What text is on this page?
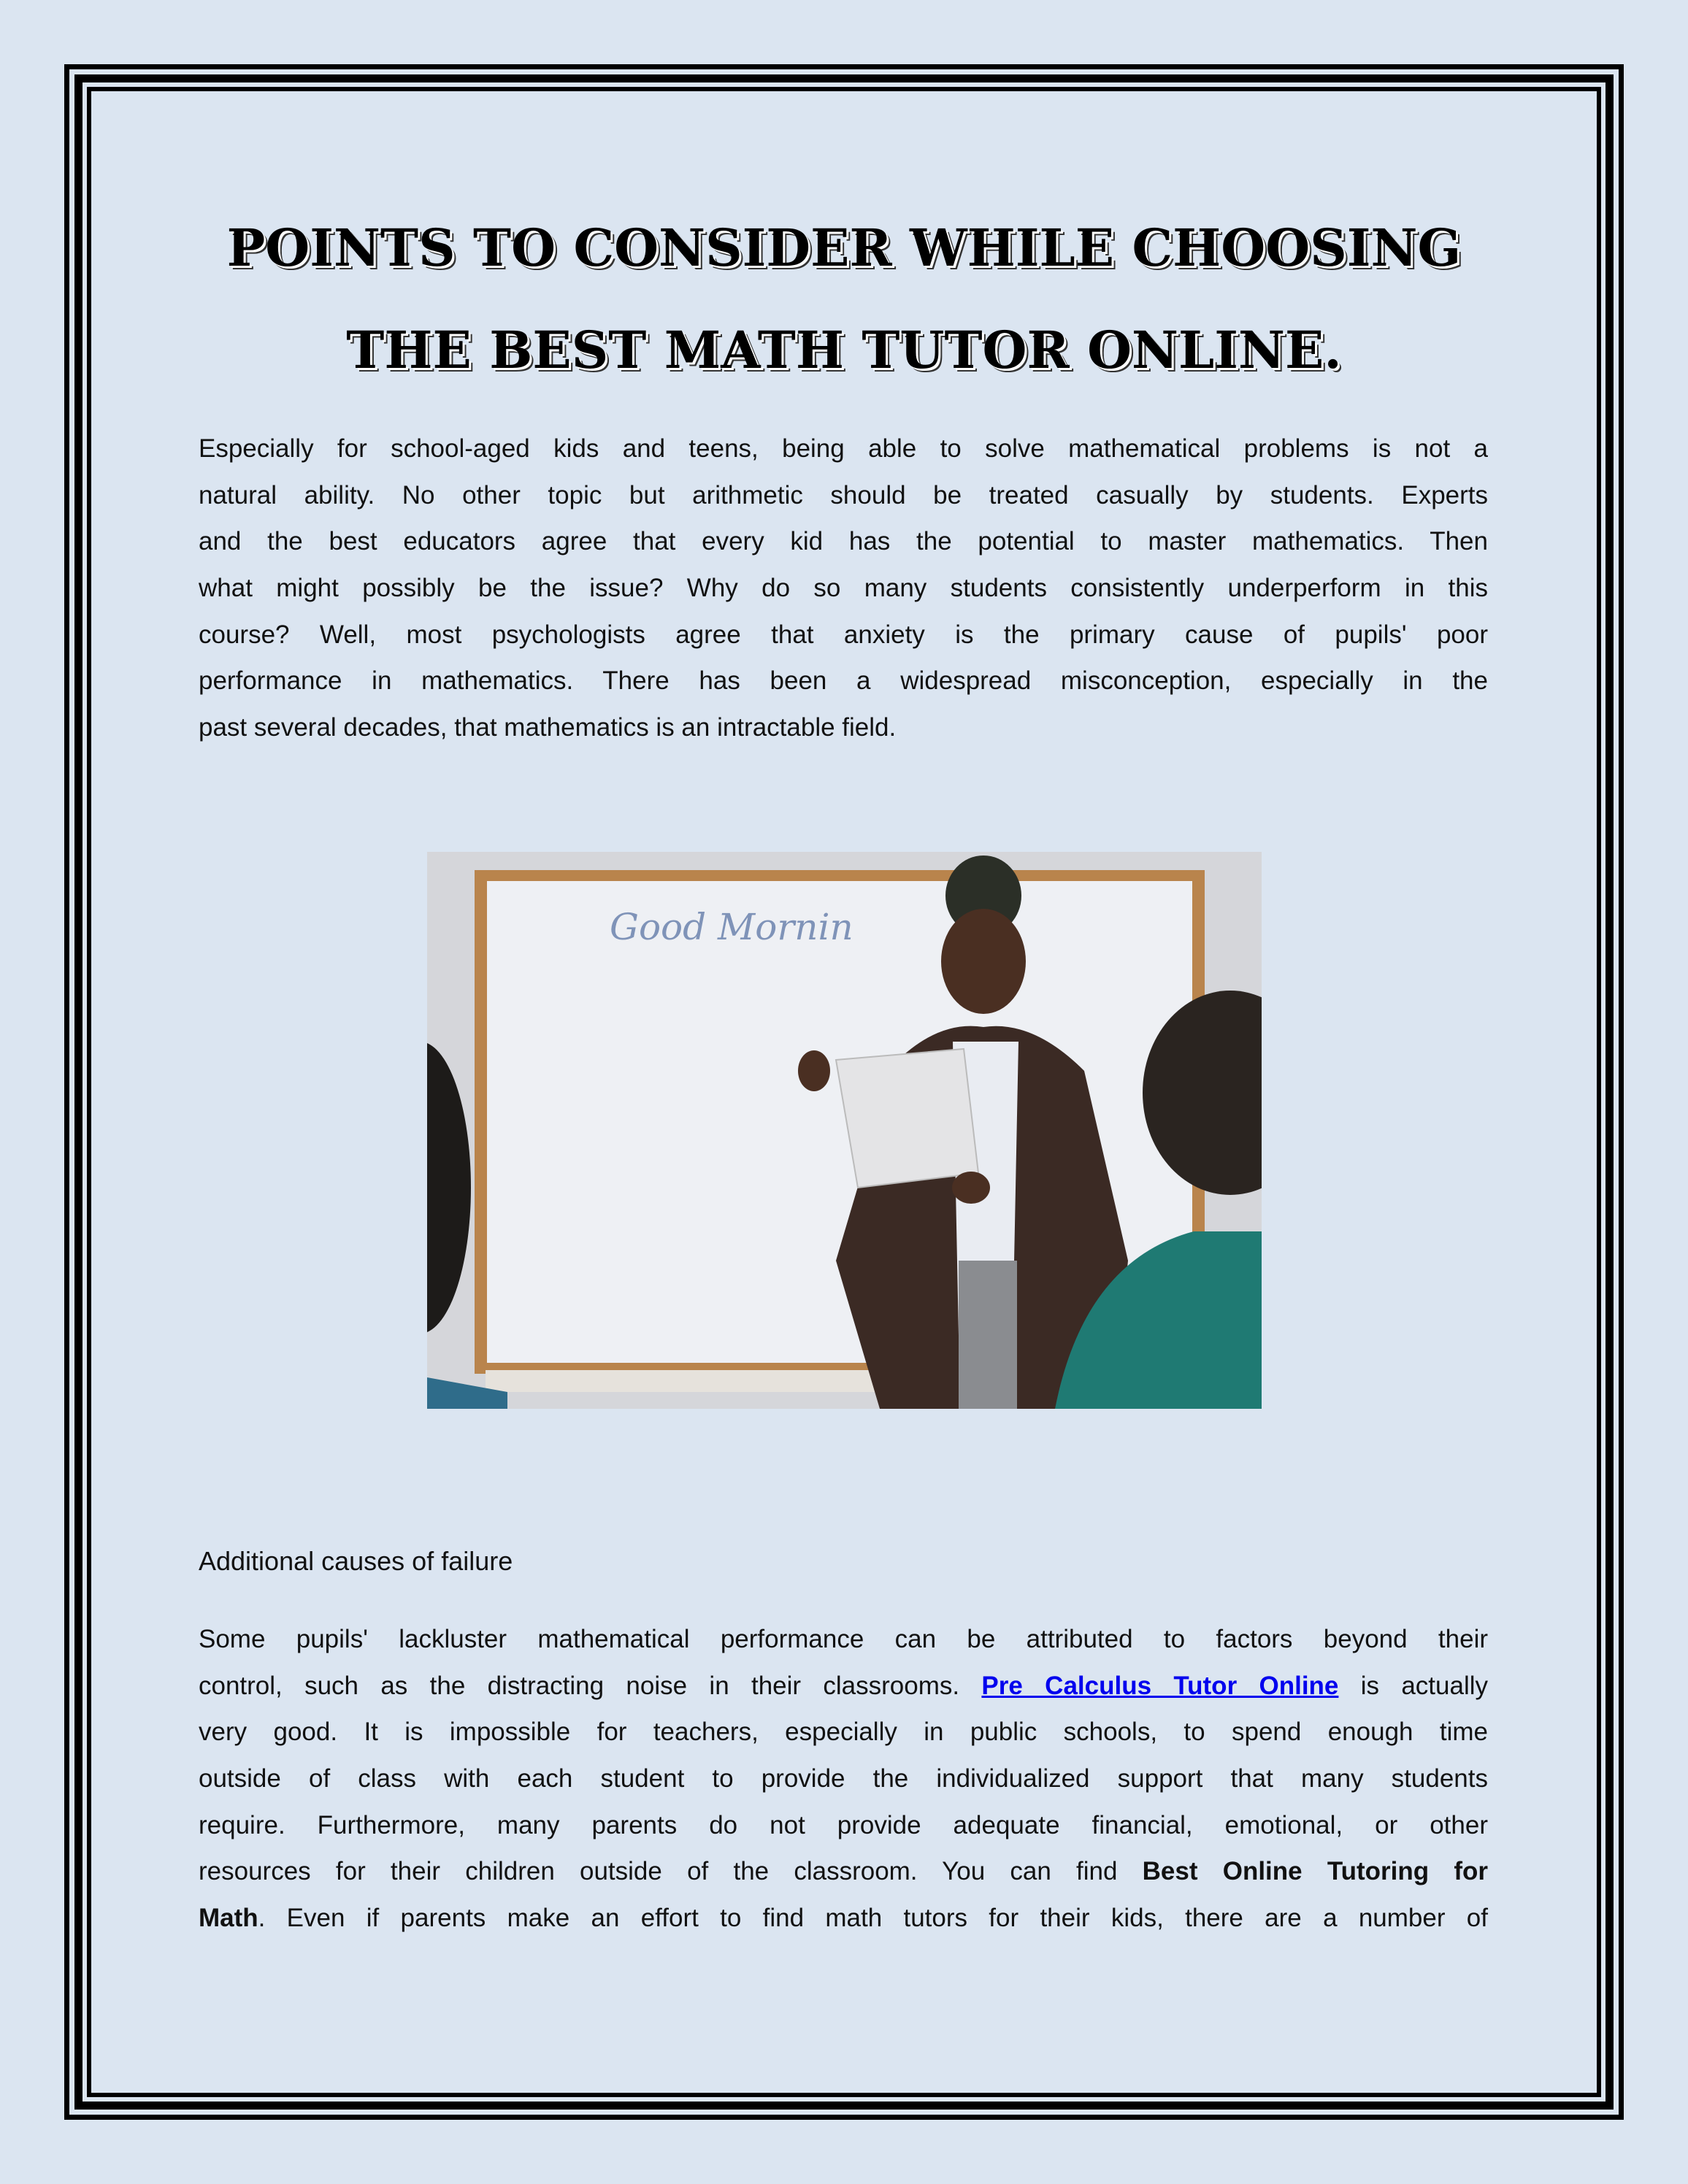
POINTS TO CONSIDER WHILE CHOOSING
THE BEST MATH TUTOR ONLINE.
Especially for school-aged kids and teens, being able to solve mathematical problems is not a
natural ability. No other topic but arithmetic should be treated casually by students. Experts
and the best educators agree that every kid has the potential to master mathematics. Then
what might possibly be the issue? Why do so many students consistently underperform in this
course? Well, most psychologists agree that anxiety is the primary cause of pupils' poor
performance in mathematics. There has been a widespread misconception, especially in the
past several decades, that mathematics is an intractable field.
Good Mornin
Additional causes of failure
Some pupils' lackluster mathematical performance can be attributed to factors beyond their
control, such as the distracting noise in their classrooms. Pre Calculus Tutor Online is actually
very good. It is impossible for teachers, especially in public schools, to spend enough time
outside of class with each student to provide the individualized support that many students
require. Furthermore, many parents do not provide adequate financial, emotional, or other
resources for their children outside of the classroom. You can find Best Online Tutoring for
Math. Even if parents make an effort to find math tutors for their kids, there are a number of
